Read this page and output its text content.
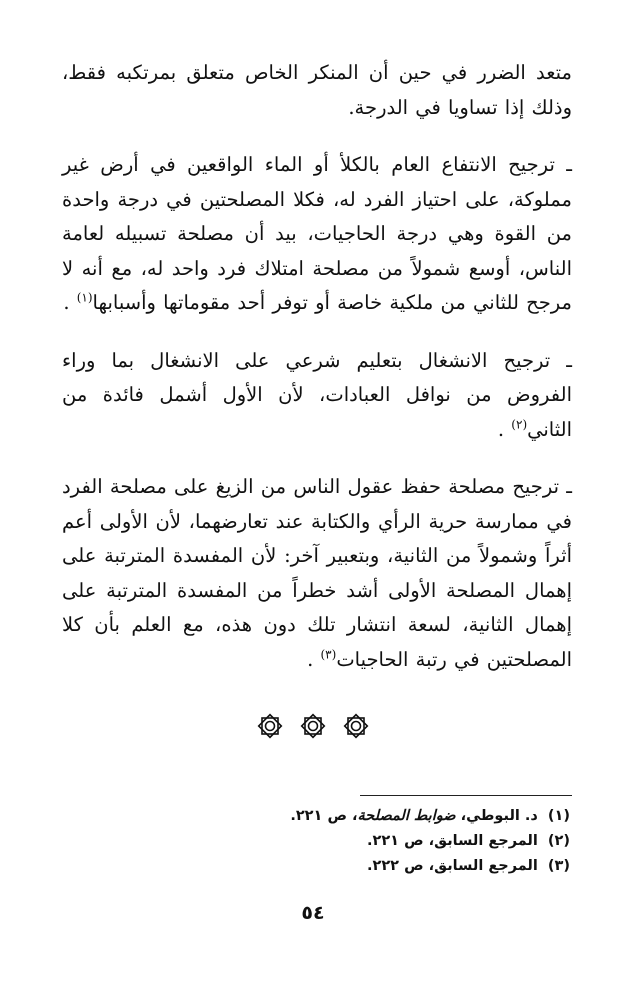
متعد الضرر في حين أن المنكر الخاص متعلق بمرتكبه فقط، وذلك إذا تساويا في الدرجة.

ـ ترجيح الانتفاع العام بالكلأ أو الماء الواقعين في أرض غير مملوكة، على احتياز الفرد له، فكلا المصلحتين في درجة واحدة من القوة وهي درجة الحاجيات، بيد أن مصلحة تسبيله لعامة الناس، أوسع شمولاً من مصلحة امتلاك فرد واحد له، مع أنه لا مرجح للثاني من ملكية خاصة أو توفر أحد مقوماتها وأسبابها$^{(١)}$ .

ـ ترجيح الانشغال بتعليم شرعي على الانشغال بما وراء الفروض من نوافل العبادات، لأن الأول أشمل فائدة من الثاني$^{(٢)}$ .

ـ ترجيح مصلحة حفظ عقول الناس من الزيغ على مصلحة الفرد في ممارسة حرية الرأي والكتابة عند تعارضهما، لأن الأولى أعم أثراً وشمولاً من الثانية، وبتعبير آخر: لأن المفسدة المترتبة على إهمال المصلحة الأولى أشد خطراً من المفسدة المترتبة على إهمال الثانية، لسعة انتشار تلك دون هذه، مع العلم بأن كلا المصلحتين في رتبة الحاجيات$^{(٣)}$ .

(١)د. البوطي، ضوابط المصلحة، ص ٢٢١.
(٢)المرجع السابق، ص ٢٢١.
(٣)المرجع السابق، ص ٢٢٢.
٥٤
